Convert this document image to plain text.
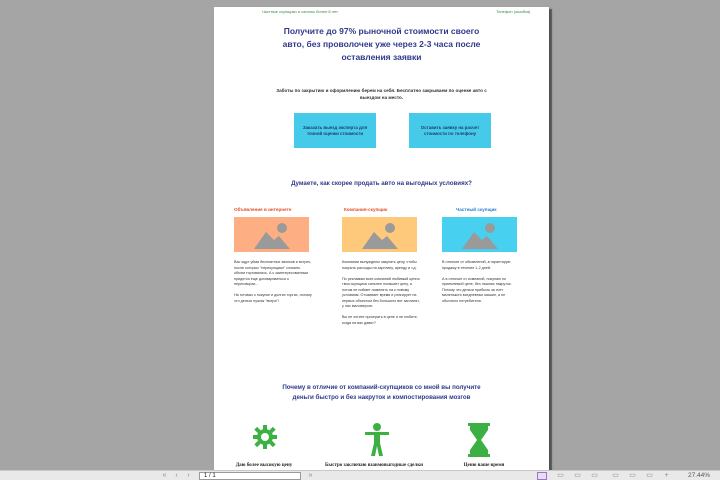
Частные скупщики и салоны более 8 лет	Телефон (ошибка)
Получите до 97% рыночной стоимости своего авто, без проволочек уже через 2-3 часа после оставления заявки
Заботы по закрытию и оформлению берем на себя. Бесплатно закрываем по оценке авто с выездом на место.
Заказать выезд эксперта для точной оценки стоимости
Оставить заявку на расчет стоимости по телефону
Думаете, как скорее продать авто на выгодных условиях?
Объявление в интернете	Компания-скупщик	Частный скупщик

Вас ждут уйма бесплатных звонков и встреч, после которых "перекупщики" сломить объем торговались. А к заинтересованным придется еще договариваться о переговорах...

На готовых к покупке и долгих торгах, потому что деньги нужны "вчера"!

Компании вынуждены закупать цену, чтобы покрыть расходы на зарплату, аренду и т.д.

По рекламам всех компаний любимый ценна твоя скупщика сильнее погашает цену, а потом не поймет поменять на к новому условиям. Отчаивает время и реагирует на первых объектом без большого вот заплатят, у нас маловероят.

Вы не хотите проиграть в цене и не любите, когда на вас давят?

В отличие от объявлений, в гарантирую продажу в течение 1-2 дней.

А в отличие от компаний, покупаю по приемлемой цене, без лишних накруток. Потому что деньги прибыль за счет маленького вседневных машин, а не обычного потребителя.

Почему в отличие от компаний-скупщиков со мной вы получите деньги быстро и без накруток и компостирования мозгов
Даю более высокую цену	Быстро заключаю взаимовыгодные сделки	Ценю ваше время
«	‹	›	1 / 1	»	▭ ▭ ▭ ▭ ▭ ▭	+	27.44%
